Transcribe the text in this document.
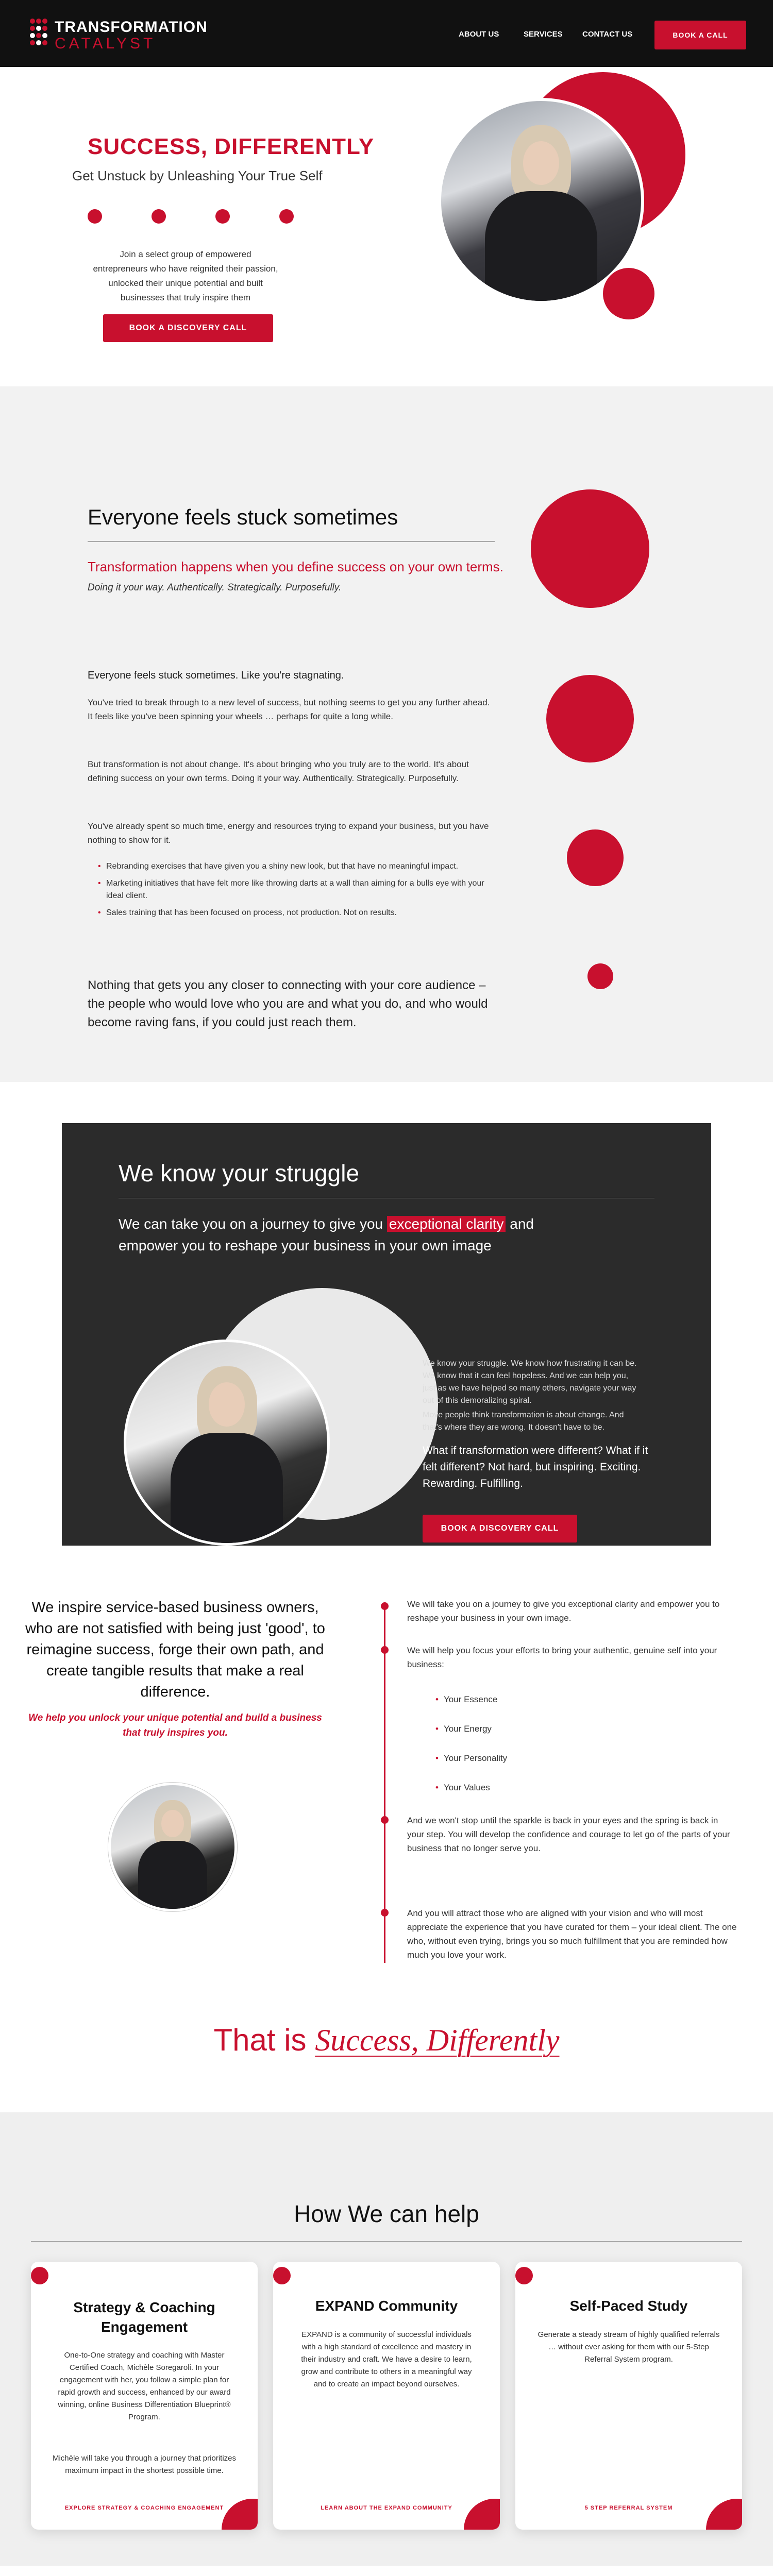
TRANSFORMATION
CATALYST
ABOUT US	SERVICES	CONTACT US	BOOK A CALL
SUCCESS, DIFFERENTLY
Get Unstuck by Unleashing Your True Self
Join a select group of empowered entrepreneurs who have reignited their passion, unlocked their unique potential and built businesses that truly inspire them
BOOK A DISCOVERY CALL
Everyone feels stuck sometimes
Transformation happens when you define success on your own terms.
Doing it your way. Authentically. Strategically. Purposefully.
Everyone feels stuck sometimes. Like you're stagnating.
You've tried to break through to a new level of success, but nothing seems to get you any further ahead. It feels like you've been spinning your wheels … perhaps for quite a long while.
But transformation is not about change. It's about bringing who you truly are to the world. It's about defining success on your own terms. Doing it your way. Authentically. Strategically. Purposefully.
You've already spent so much time, energy and resources trying to expand your business, but you have nothing to show for it.
• Rebranding exercises that have given you a shiny new look, but that have no meaningful impact.
• Marketing initiatives that have felt more like throwing darts at a wall than aiming for a bulls eye with your ideal client.
• Sales training that has been focused on process, not production. Not on results.
Nothing that gets you any closer to connecting with your core audience – the people who would love who you are and what you do, and who would become raving fans, if you could just reach them.
We know your struggle
We can take you on a journey to give you exceptional clarity and empower you to reshape your business in your own image
We know your struggle. We know how frustrating it can be. We know that it can feel hopeless. And we can help you, just as we have helped so many others, navigate your way out of this demoralizing spiral.
Move people think transformation is about change. And that's where they are wrong. It doesn't have to be.
What if transformation were different? What if it felt different? Not hard, but inspiring. Exciting. Rewarding. Fulfilling.
BOOK A DISCOVERY CALL
We inspire service-based business owners, who are not satisfied with being just 'good', to reimagine success, forge their own path, and create tangible results that make a real difference.
We help you unlock your unique potential and build a business that truly inspires you.
We will take you on a journey to give you exceptional clarity and empower you to reshape your business in your own image.
We will help you focus your efforts to bring your authentic, genuine self into your business:
• Your Essence
• Your Energy
• Your Personality
• Your Values
And we won't stop until the sparkle is back in your eyes and the spring is back in your step. You will develop the confidence and courage to let go of the parts of your business that no longer serve you.
And you will attract those who are aligned with your vision and who will most appreciate the experience that you have curated for them – your ideal client. The one who, without even trying, brings you so much fulfillment that you are reminded how much you love your work.
That is Success, Differently
How We can help
Strategy & Coaching Engagement
One-to-One strategy and coaching with Master Certified Coach, Michèle Soregaroli. In your engagement with her, you follow a simple plan for rapid growth and success, enhanced by our award winning, online Business Differentiation Blueprint® Program.
Michèle will take you through a journey that prioritizes maximum impact in the shortest possible time.
EXPLORE STRATEGY & COACHING ENGAGEMENT
EXPAND Community
EXPAND is a community of successful individuals with a high standard of excellence and mastery in their industry and craft. We have a desire to learn, grow and contribute to others in a meaningful way and to create an impact beyond ourselves.
LEARN ABOUT THE EXPAND COMMUNITY
Self-Paced Study
Generate a steady stream of highly qualified referrals … without ever asking for them with our 5-Step Referral System program.
5 STEP REFERRAL SYSTEM
